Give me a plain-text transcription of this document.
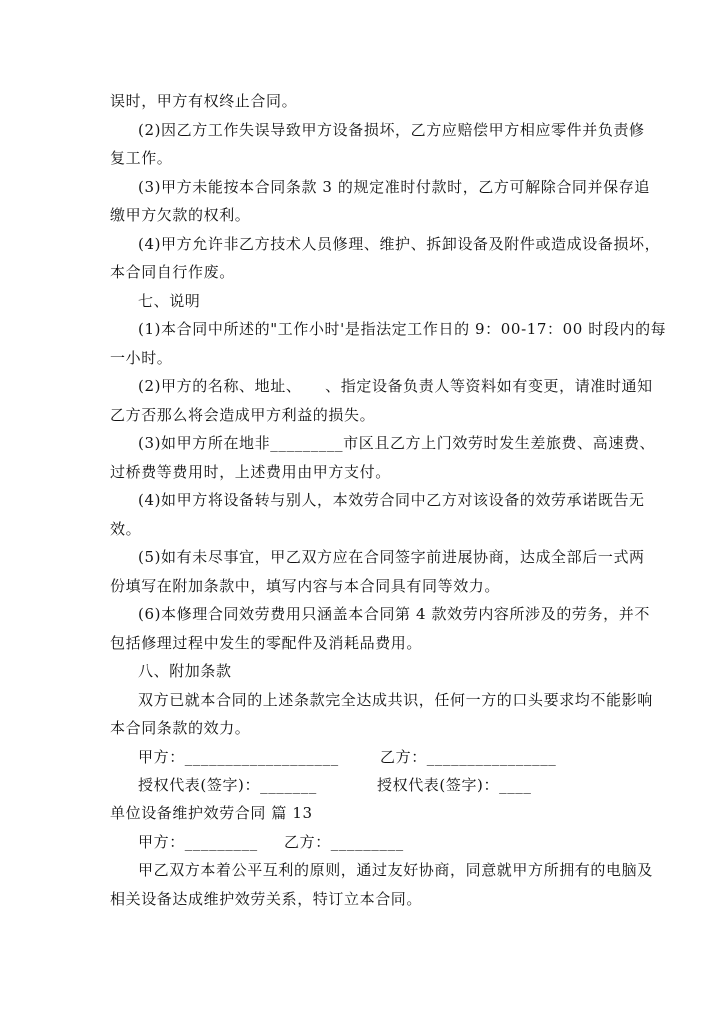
误时，甲方有权终止合同。
(2)因乙方工作失误导致甲方设备损坏，乙方应赔偿甲方相应零件并负责修
复工作。
(3)甲方未能按本合同条款 3 的规定准时付款时，乙方可解除合同并保存追
缴甲方欠款的权利。
(4)甲方允许非乙方技术人员修理、维护、拆卸设备及附件或造成设备损坏，
本合同自行作废。
七、说明
(1)本合同中所述的"工作小时'是指法定工作日的 9：00-17：00 时段内的每
一小时。
(2)甲方的名称、地址、　　、指定设备负责人等资料如有变更，请准时通知
乙方否那么将会造成甲方利益的损失。
(3)如甲方所在地非_________市区且乙方上门效劳时发生差旅费、高速费、
过桥费等费用时，上述费用由甲方支付。
(4)如甲方将设备转与别人，本效劳合同中乙方对该设备的效劳承诺既告无
效。
(5)如有未尽事宜，甲乙双方应在合同签字前进展协商，达成全部后一式两
份填写在附加条款中，填写内容与本合同具有同等效力。
(6)本修理合同效劳费用只涵盖本合同第 4 款效劳内容所涉及的劳务，并不
包括修理过程中发生的零配件及消耗品费用。
八、附加条款
双方已就本合同的上述条款完全达成共识，任何一方的口头要求均不能影响
本合同条款的效力。
甲方：___________________	乙方：________________
授权代表(签字)：_______	授权代表(签字)：____
单位设备维护效劳合同 篇 13
甲方：_________ 乙方：_________
甲乙双方本着公平互利的原则，通过友好协商，同意就甲方所拥有的电脑及
相关设备达成维护效劳关系，特订立本合同。
